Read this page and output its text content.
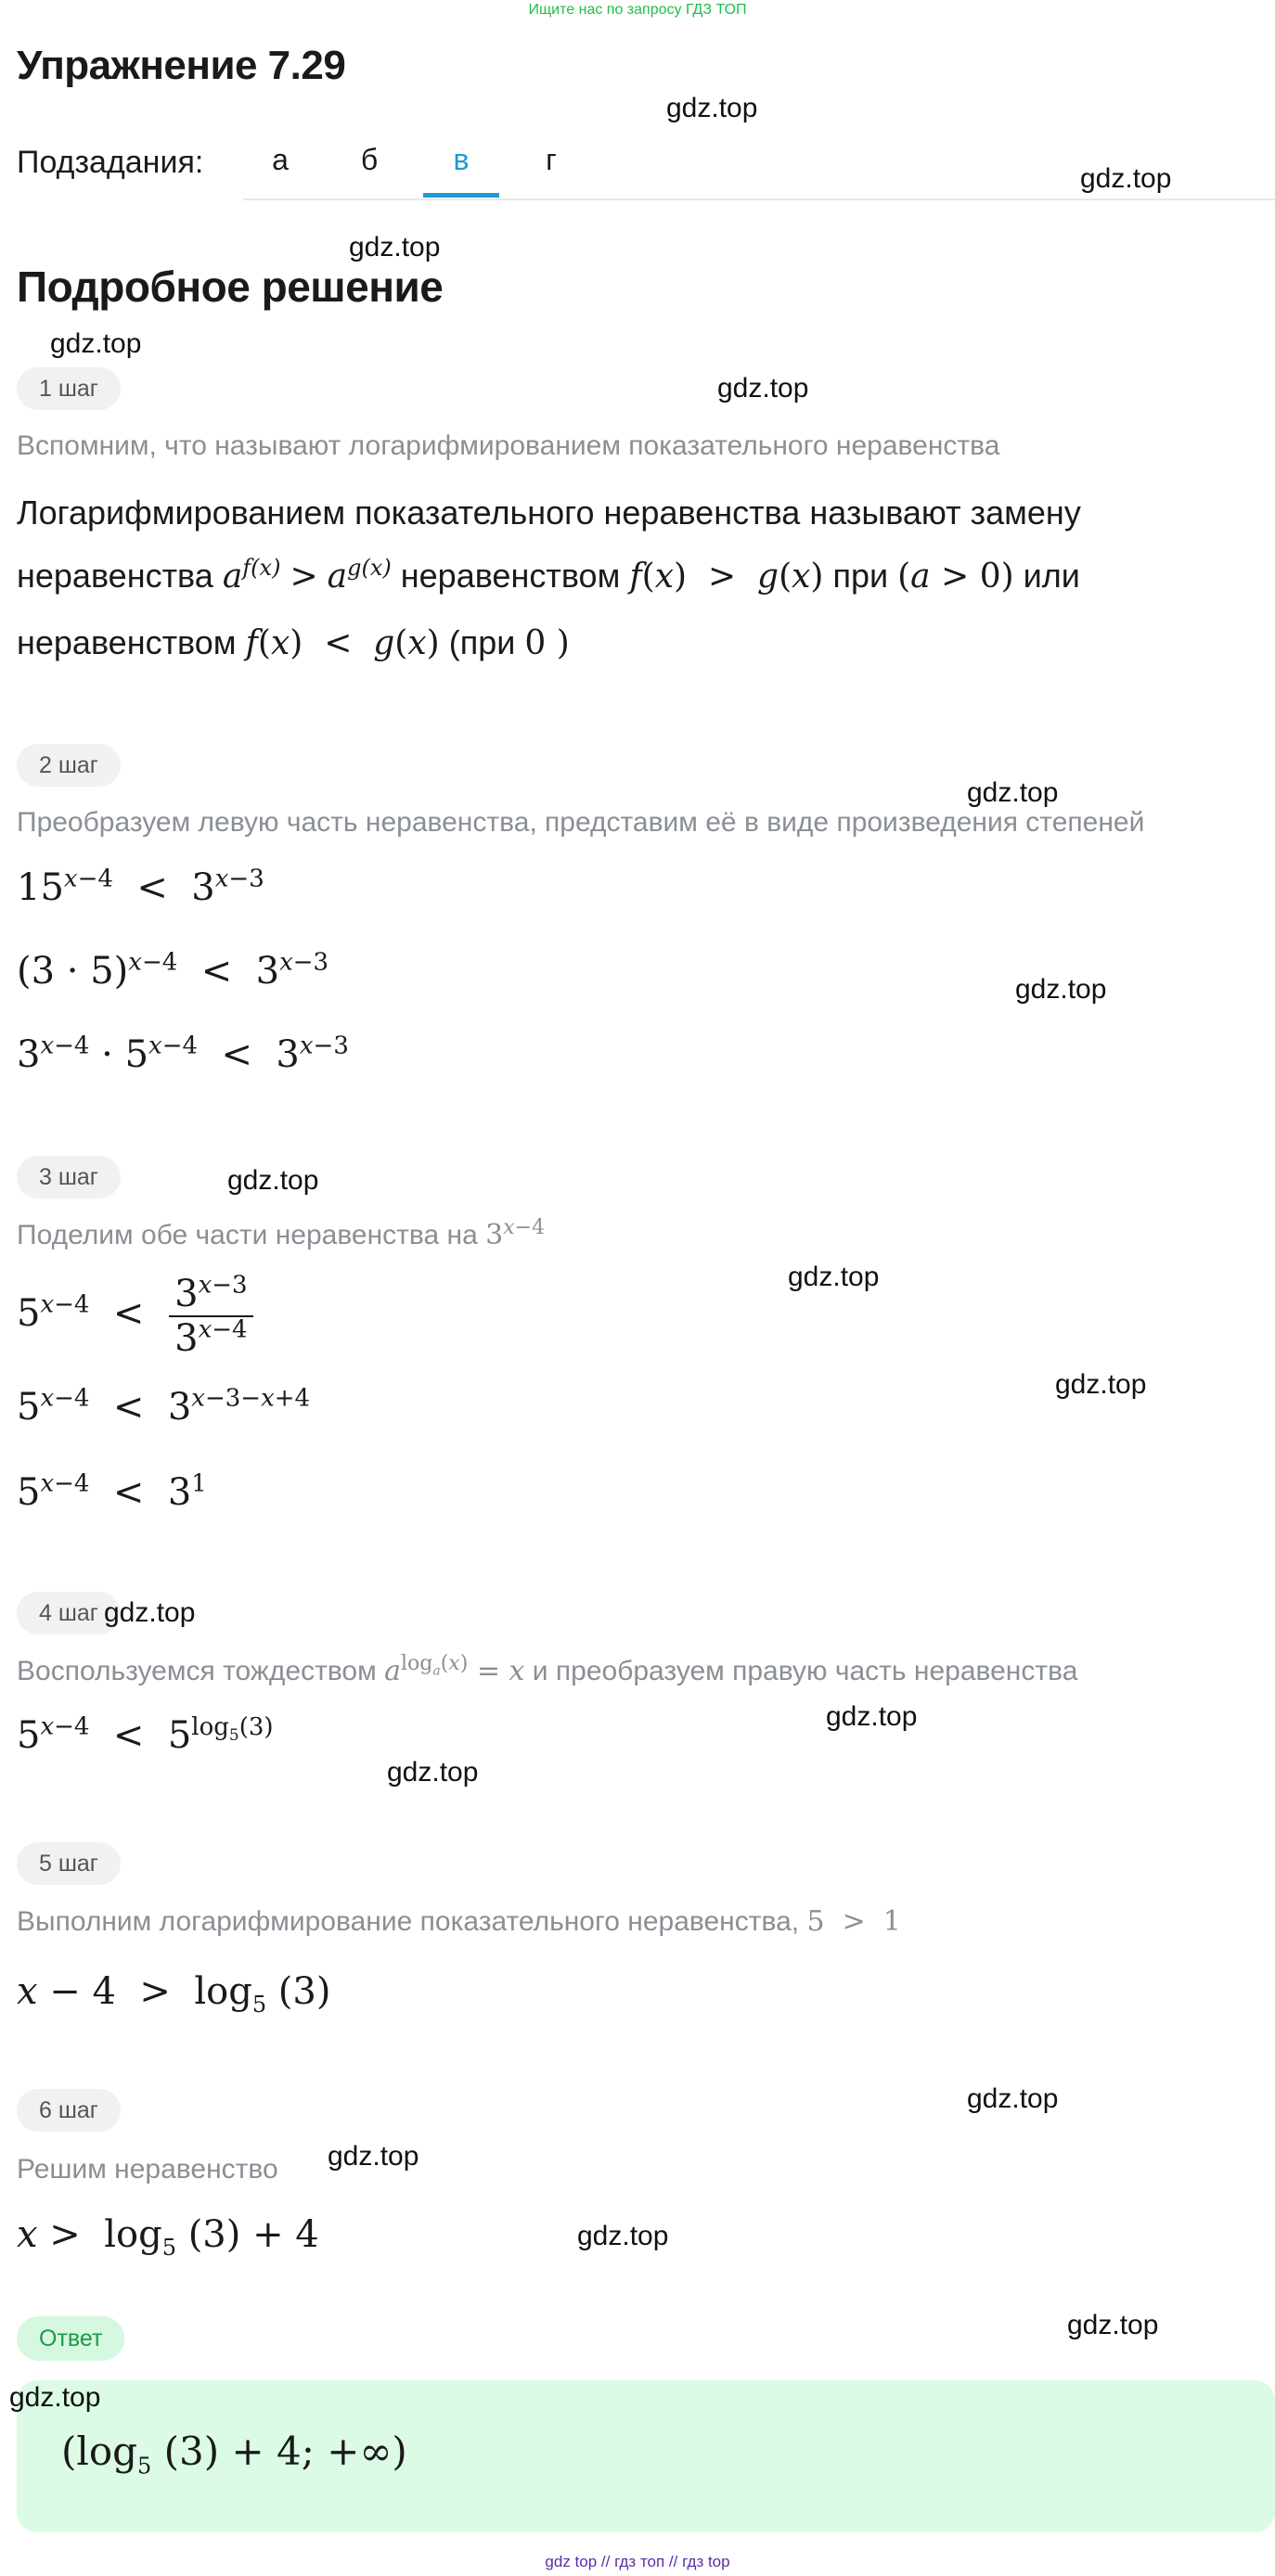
Ищите нас по запросу ГДЗ ТОП
Упражнение 7.29
Подзадания:	а	б	в	г
Подробное решение
1 шаг
Вспомним, что называют логарифмированием показательного неравенства
Логарифмированием показательного неравенства называют замену
неравенства $a^{f(x)} > a^{g(x)}$ неравенством f(x)  >  g(x) при (a > 0) или
неравенством f(x)  <  g(x) (при 0 )
2 шаг
Преобразуем левую часть неравенства, представим её в виде произведения степеней
$15^{x-4} < 3^{x-3}$
$(3 \cdot 5)^{x-4} < 3^{x-3}$
$3^{x-4} \cdot 5^{x-4} < 3^{x-3}$
3 шаг
Поделим обе части неравенства на $3^{x-4}$
$5^{x-4} < \frac{3^{x-3}}{3^{x-4}}$
$5^{x-4} < 3^{x-3-x+4}$
$5^{x-4} < 3^1$
4 шаг
Воспользуемся тождеством $a^{log_a(x)} = x$ и преобразуем правую часть неравенства
$5^{x-4} < 5^{log_5(3)}$
5 шаг
Выполним логарифмирование показательного неравенства, 5  >  1
$x - 4 > \log_5 (3)$
6 шаг
Решим неравенство
$x > \log_5 (3) + 4$
Ответ
($\log_5$ (3) + 4; +∞)
gdz.top
gdz.top
gdz.top
gdz.top
gdz.top
gdz.top
gdz.top
gdz.top
gdz.top
gdz.top
gdz.top
gdz.top
gdz.top
gdz.top
gdz.top
gdz.top
gdz.top
gdz.top
gdz top // гдз топ // гдз top
